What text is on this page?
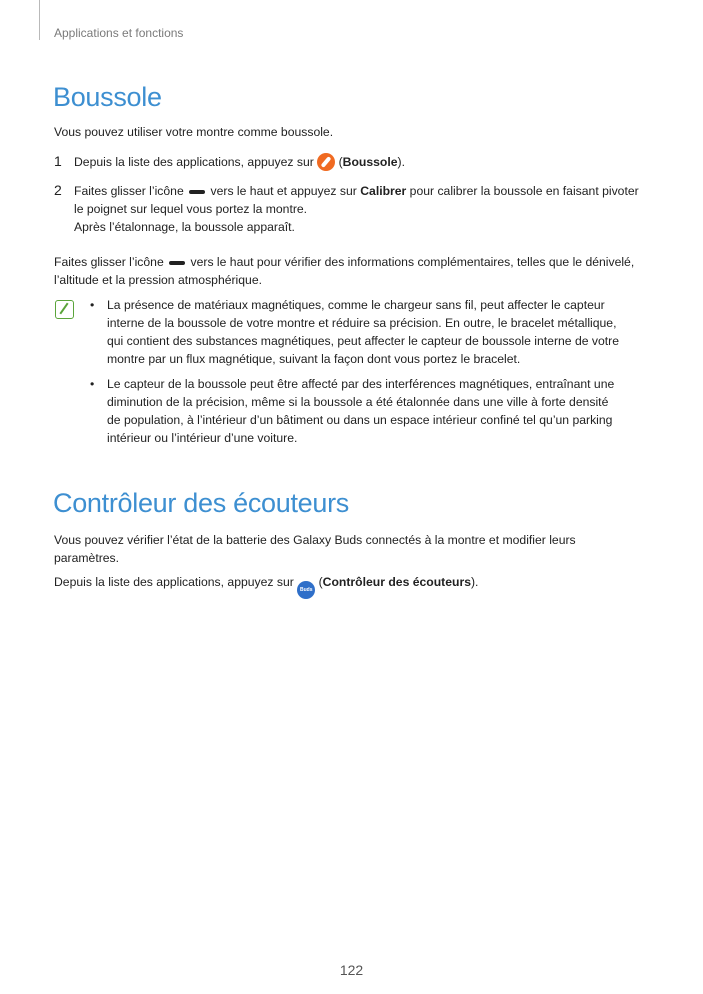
Applications et fonctions
Boussole
Vous pouvez utiliser votre montre comme boussole.
1 Depuis la liste des applications, appuyez sur  (Boussole).
2 Faites glisser l’icône  vers le haut et appuyez sur Calibrer pour calibrer la boussole en faisant pivoter
le poignet sur lequel vous portez la montre.
Après l’étalonnage, la boussole apparaît.
Faites glisser l’icône  vers le haut pour vérifier des informations complémentaires, telles que le dénivelé,
l’altitude et la pression atmosphérique.
• La présence de matériaux magnétiques, comme le chargeur sans fil, peut affecter le capteur
interne de la boussole de votre montre et réduire sa précision. En outre, le bracelet métallique,
qui contient des substances magnétiques, peut affecter le capteur de boussole interne de votre
montre par un flux magnétique, suivant la façon dont vous portez le bracelet.
• Le capteur de la boussole peut être affecté par des interférences magnétiques, entraînant une
diminution de la précision, même si la boussole a été étalonnée dans une ville à forte densité
de population, à l’intérieur d’un bâtiment ou dans un espace intérieur confiné tel qu’un parking
intérieur ou l’intérieur d’une voiture.
Contrôleur des écouteurs
Vous pouvez vérifier l’état de la batterie des Galaxy Buds connectés à la montre et modifier leurs
paramètres.
Depuis la liste des applications, appuyez sur Buds (Contrôleur des écouteurs).
122
